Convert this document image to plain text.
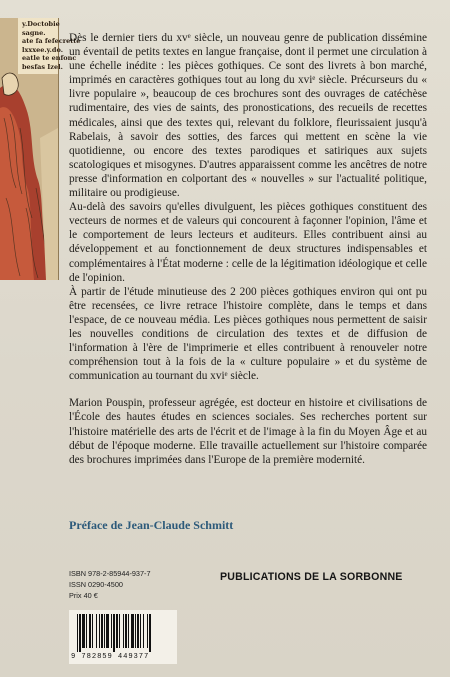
y.Doctobie
sagne.
ate fa fefecrette
lxxxee.y.do.
eatle te enfonc
besfas Izel.

Dès le dernier tiers du xvᵉ siècle, un nouveau genre de publication dissémine un éventail de petits textes en langue française, dont il permet une circulation à une échelle inédite : les pièces gothiques. Ce sont des livrets à bon marché, imprimés en caractères gothiques tout au long du xviᵉ siècle. Précurseurs du « livre populaire », beaucoup de ces brochures sont des ouvrages de catéchèse rudimentaire, des vies de saints, des pronostications, des recueils de recettes médicales, ainsi que des textes qui, relevant du folklore, fleurissaient jusqu'à Rabelais, à savoir des sotties, des farces qui mettent en scène la vie quotidienne, ou encore des textes parodiques et satiriques aux sujets scatologiques et misogynes. D'autres apparaissent comme les ancêtres de notre presse d'information en colportant des « nouvelles » sur l'actualité politique, militaire ou prodigieuse.

Au-delà des savoirs qu'elles divulguent, les pièces gothiques constituent des vecteurs de normes et de valeurs qui concourent à façonner l'opinion, l'âme et le comportement de leurs lecteurs et auditeurs. Elles contribuent ainsi au développement et au fonctionnement de deux structures indispensables et complémentaires à l'État moderne : celle de la légitimation idéologique et celle de l'opinion.

À partir de l'étude minutieuse des 2 200 pièces gothiques environ qui ont pu être recensées, ce livre retrace l'histoire complète, dans le temps et dans l'espace, de ce nouveau média. Les pièces gothiques nous permettent de saisir les nouvelles conditions de circulation des textes et de diffusion de l'information à l'ère de l'imprimerie et elles contribuent à renouveler notre compréhension tout à la fois de la « culture populaire » et du système de communication au tournant du xviᵉ siècle.

Marion Pouspin, professeur agrégée, est docteur en histoire et civilisations de l'École des hautes études en sciences sociales. Ses recherches portent sur l'histoire matérielle des arts de l'écrit et de l'image à la fin du Moyen Âge et au début de l'époque moderne. Elle travaille actuellement sur l'histoire comparée des brochures imprimées dans l'Europe de la première modernité.

Préface de Jean-Claude Schmitt
ISBN 978-2-85944-937-7
ISSN 0290-4500
Prix 40 €
PUBLICATIONS DE LA SORBONNE
9 782859 449377
